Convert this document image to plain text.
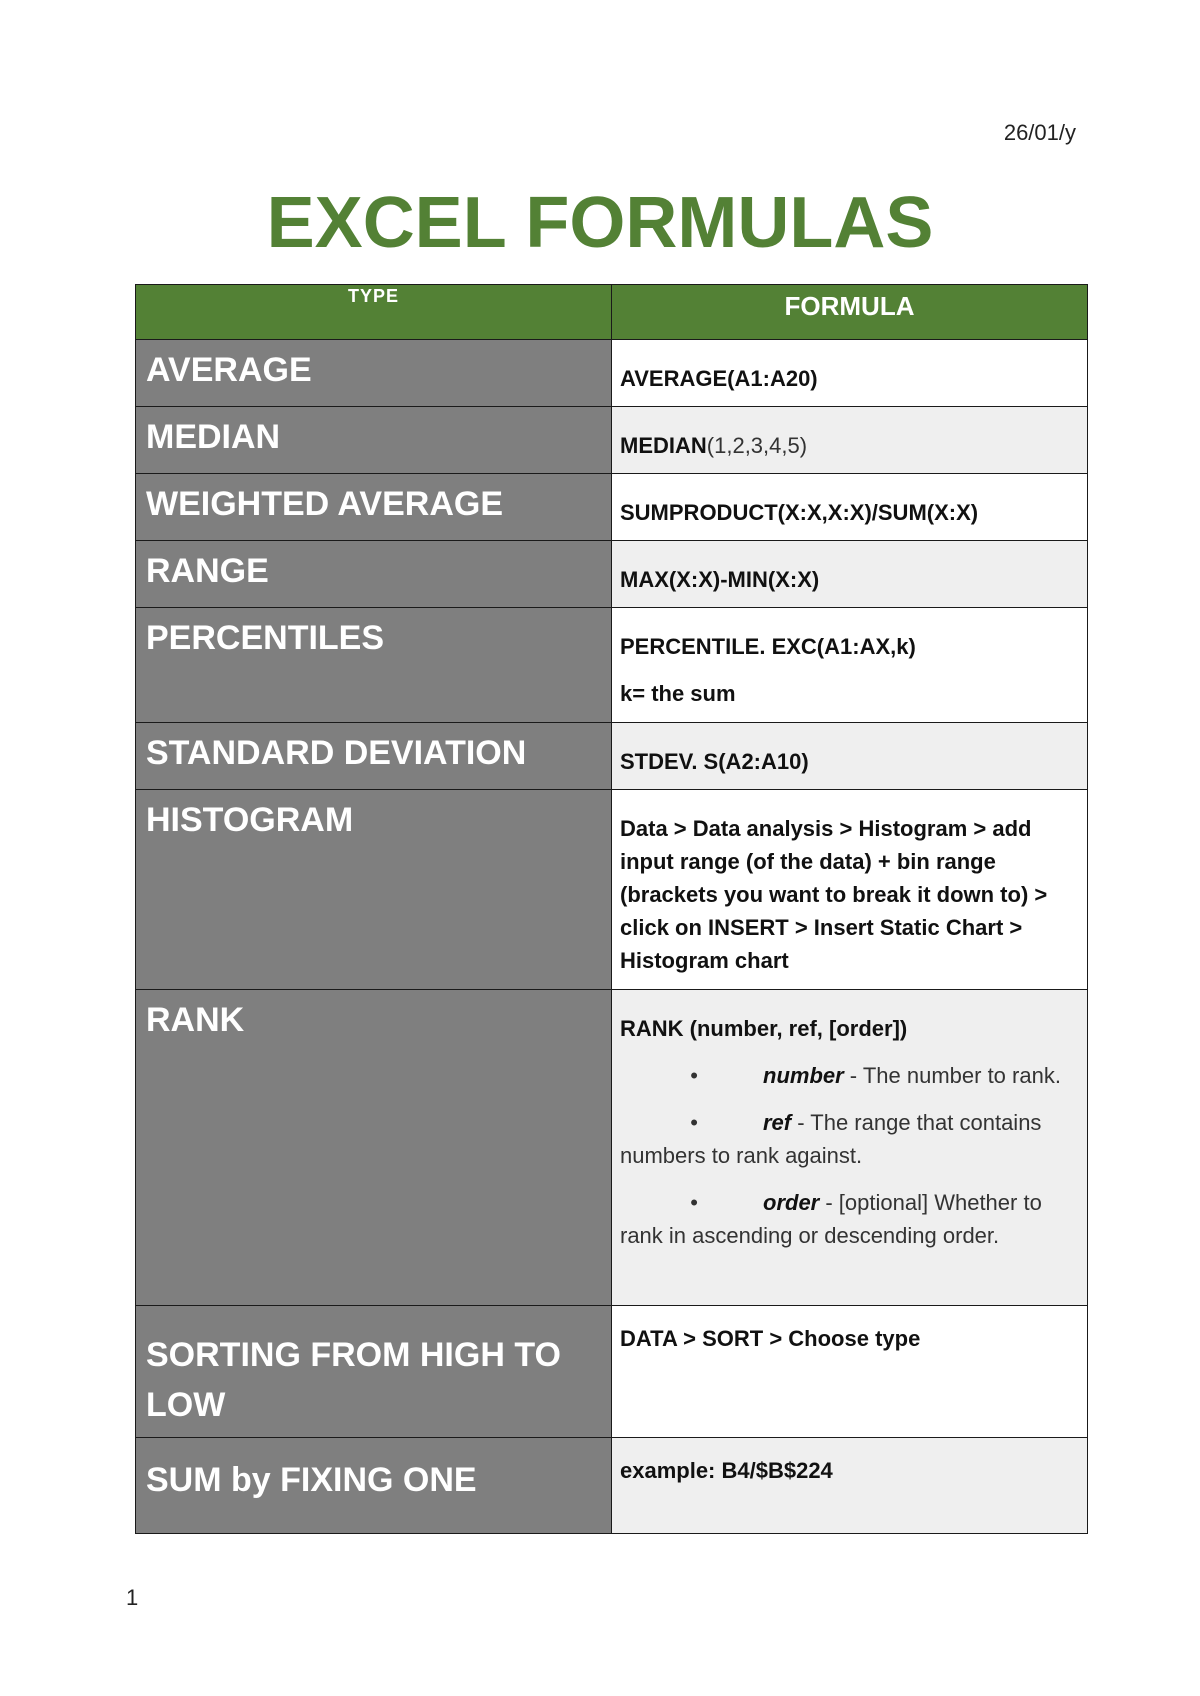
26/01/y
EXCEL FORMULAS
TYPE	FORMULA

AVERAGE	AVERAGE(A1:A20)

MEDIAN	MEDIAN(1,2,3,4,5)

WEIGHTED AVERAGE	SUMPRODUCT(X:X,X:X)/SUM(X:X)

RANGE	MAX(X:X)-MIN(X:X)

PERCENTILES	PERCENTILE. EXC(A1:AX,k)
k= the sum

STANDARD DEVIATION	STDEV. S(A2:A10)

HISTOGRAM	Data > Data analysis > Histogram > add input range (of the data) + bin range (brackets you want to break it down to) > click on INSERT > Insert Static Chart > Histogram chart

RANK	RANK (number, ref, [order])
• number - The number to rank.
• ref - The range that contains numbers to rank against.
• order - [optional] Whether to rank in ascending or descending order.

SORTING FROM HIGH TO LOW	DATA > SORT > Choose type

SUM by FIXING ONE	example: B4/$B$224
1
